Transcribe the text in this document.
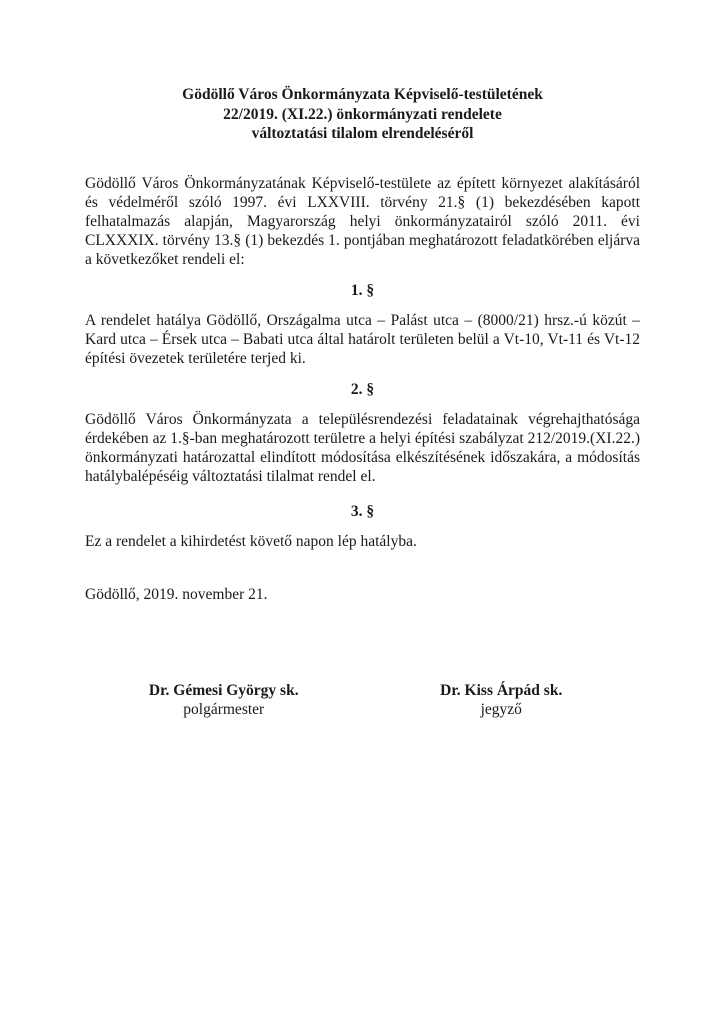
Gödöllő Város Önkormányzata Képviselő-testületének
22/2019. (XI.22.) önkormányzati rendelete
változtatási tilalom elrendeléséről

Gödöllő Város Önkormányzatának Képviselő-testülete az épített környezet alakításáról és védelméről szóló 1997. évi LXXVIII. törvény 21.§ (1) bekezdésében kapott felhatalmazás alapján, Magyarország helyi önkormányzatairól szóló 2011. évi CLXXXIX. törvény 13.§ (1) bekezdés 1. pontjában meghatározott feladatkörében eljárva a következőket rendeli el:

1. §

A rendelet hatálya Gödöllő, Országalma utca – Palást utca – (8000/21) hrsz.-ú közút – Kard utca – Érsek utca – Babati utca által határolt területen belül a Vt-10, Vt-11 és Vt-12 építési övezetek területére terjed ki.

2. §

Gödöllő Város Önkormányzata a településrendezési feladatainak végrehajthatósága érdekében az 1.§-ban meghatározott területre a helyi építési szabályzat 212/2019.(XI.22.) önkormányzati határozattal elindított módosítása elkészítésének időszakára, a módosítás hatálybalépéséig változtatási tilalmat rendel el.

3. §

Ez a rendelet a kihirdetést követő napon lép hatályba.

Gödöllő, 2019. november 21.

Dr. Gémesi György sk.
polgármester
Dr. Kiss Árpád sk.
jegyző
